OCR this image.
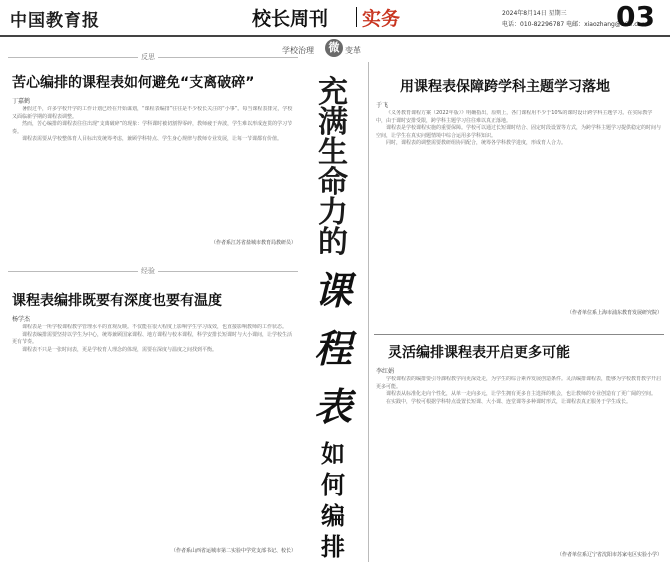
中国教育报	校长周刊 实务	2024年8月14日 星期三
电话：010-82296787 电邮：xiaozhang@163.com
03
学校治理	微 变革
充
满
生
命
力
的
课
程
表
如
何
编
排
反思
苦心编排的课程表如何避免“支离破碎”
丁嘉鹤

暑假过半，许多学校开学的工作计划已经在开始谋划，“课程表编排”往往是不少校长关注的“小事”。每当课程表排完，学校又面临新学期的课程表调整。

然而，苦心编排的课程表往往出现“支离破碎”的现象：学科课时被切割得零碎，教师疲于奔波，学生难以形成连贯的学习节奏。

课程表需要从学校整体育人目标出发统筹考虑，兼顾学科特点、学生身心规律与教师专业发展，让每一节课都有价值。

（作者系江苏省盐城市教育局教研员）
经验
课程表编排既要有深度也要有温度
杨学杰

课程表是一所学校课程教学管理水平的直观反映。不仅能在很大程度上影响学生学习成效，也直接影响教师的工作状态。

课程表编排需要坚持以学生为中心，统筹兼顾国家课程、地方课程与校本课程，科学安排长短课时与大小课间，让学校生活更有节奏。

课程表不只是一张时间表，更是学校育人理念的体现，需要在深度与温度之间找到平衡。

（作者系山西省运城市第二实验中学党支部书记、校长）
用课程表保障跨学科主题学习落地
于飞

《义务教育课程方案（2022年版）》明确指出，原则上，各门课程用不少于10%的课时设计跨学科主题学习。在实际教学中，由于课时安排受限，跨学科主题学习往往难以真正落地。

课程表是学校课程实施的重要保障。学校可以通过长短课时结合、固定时段设置等方式，为跨学科主题学习提供稳定的时间与空间，让学生在真实问题情境中综合运用多学科知识。

同时，课程表的调整需要教研组协同配合，统筹各学科教学进度，形成育人合力。

（作者单位系上海市浦东教育发展研究院）
灵活编排课程表开启更多可能
李红娟

学校课程表的编排要引导課程教学向更深处走，为学生的综合素养发展创造条件。灵活编排课程表，能够为学校教育教学开启更多可能。

课程表从标准化走向个性化，从单一走向多元，让学生拥有更多自主选择的机会，也让教师的专业创造有了更广阔的空间。

在实践中，学校可根据学科特点设置长短课、大小课、连堂课等多种课时形式，让课程表真正服务于学生成长。

（作者单位系辽宁省沈阳市苏家屯区实验小学）
